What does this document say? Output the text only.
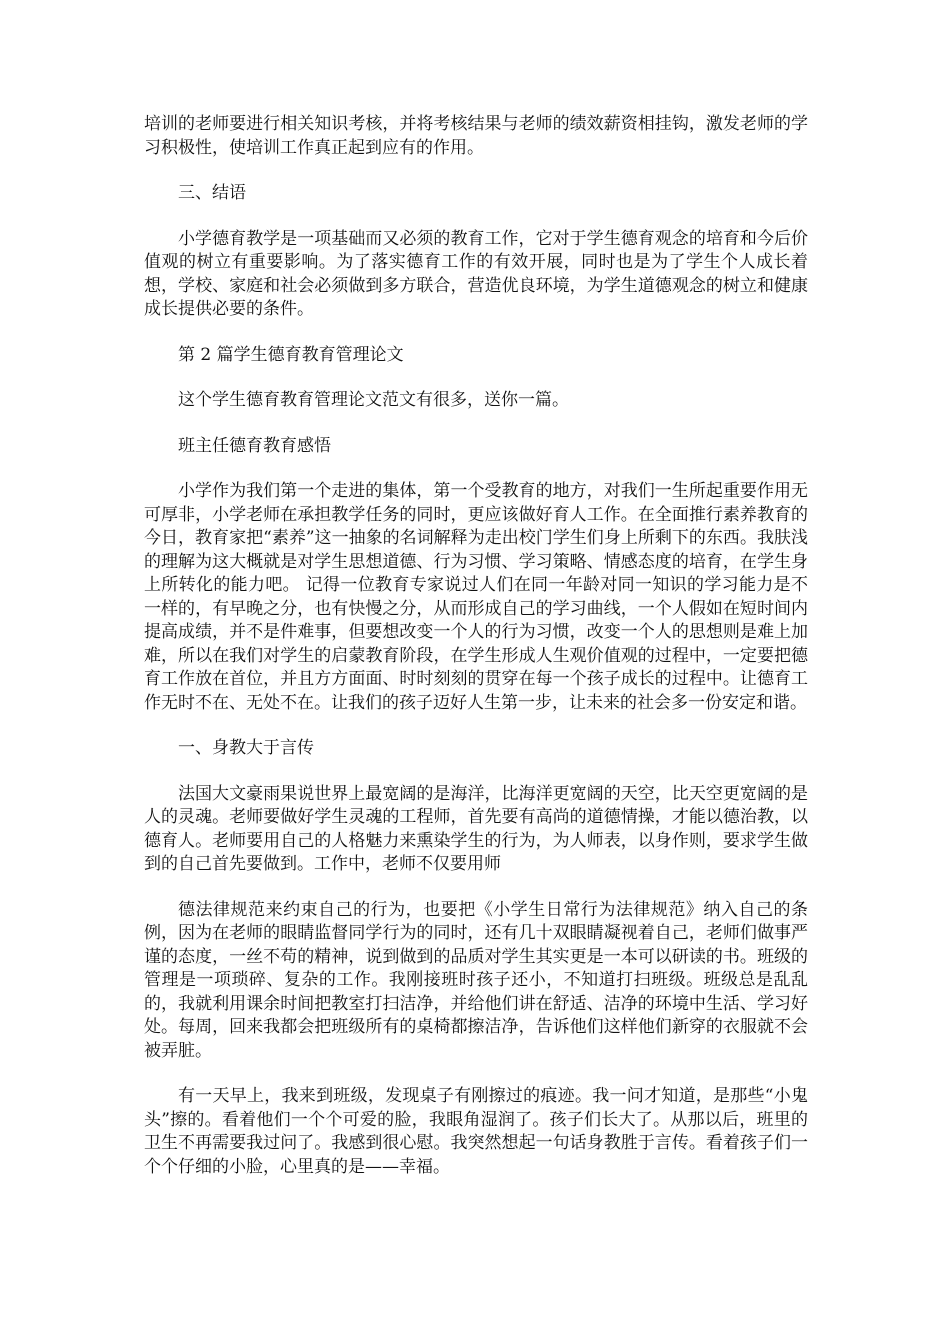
培训的老师要进行相关知识考核，并将考核结果与老师的绩效薪资相挂钩，激发老师的学习积极性，使培训工作真正起到应有的作用。

三、结语

小学德育教学是一项基础而又必须的教育工作，它对于学生德育观念的培育和今后价值观的树立有重要影响。为了落实德育工作的有效开展，同时也是为了学生个人成长着想，学校、家庭和社会必须做到多方联合，营造优良环境，为学生道德观念的树立和健康成长提供必要的条件。

第 2 篇学生德育教育管理论文

这个学生德育教育管理论文范文有很多，送你一篇。

班主任德育教育感悟

小学作为我们第一个走进的集体，第一个受教育的地方，对我们一生所起重要作用无可厚非，小学老师在承担教学任务的同时，更应该做好育人工作。在全面推行素养教育的今日，教育家把“素养”这一抽象的名词解释为走出校门学生们身上所剩下的东西。我肤浅的理解为这大概就是对学生思想道德、行为习惯、学习策略、情感态度的培育，在学生身上所转化的能力吧。 记得一位教育专家说过人们在同一年龄对同一知识的学习能力是不一样的，有早晚之分，也有快慢之分，从而形成自己的学习曲线，一个人假如在短时间内提高成绩，并不是件难事，但要想改变一个人的行为习惯，改变一个人的思想则是难上加难，所以在我们对学生的启蒙教育阶段，在学生形成人生观价值观的过程中，一定要把德育工作放在首位，并且方方面面、时时刻刻的贯穿在每一个孩子成长的过程中。让德育工作无时不在、无处不在。让我们的孩子迈好人生第一步，让未来的社会多一份安定和谐。

一、身教大于言传

法国大文豪雨果说世界上最宽阔的是海洋，比海洋更宽阔的天空，比天空更宽阔的是人的灵魂。老师要做好学生灵魂的工程师，首先要有高尚的道德情操，才能以德治教，以德育人。老师要用自己的人格魅力来熏染学生的行为，为人师表，以身作则，要求学生做到的自己首先要做到。工作中，老师不仅要用师

德法律规范来约束自己的行为，也要把《小学生日常行为法律规范》纳入自己的条例，因为在老师的眼睛监督同学行为的同时，还有几十双眼睛凝视着自己，老师们做事严谨的态度，一丝不苟的精神，说到做到的品质对学生其实更是一本可以研读的书。班级的管理是一项琐碎、复杂的工作。我刚接班时孩子还小，不知道打扫班级。班级总是乱乱的，我就利用课余时间把教室打扫洁净，并给他们讲在舒适、洁净的环境中生活、学习好处。每周，回来我都会把班级所有的桌椅都擦洁净，告诉他们这样他们新穿的衣服就不会被弄脏。

有一天早上，我来到班级，发现桌子有刚擦过的痕迹。我一问才知道，是那些“小鬼头”擦的。看着他们一个个可爱的脸，我眼角湿润了。孩子们长大了。从那以后，班里的卫生不再需要我过问了。我感到很心慰。我突然想起一句话身教胜于言传。看着孩子们一个个仔细的小脸，心里真的是——幸福。
